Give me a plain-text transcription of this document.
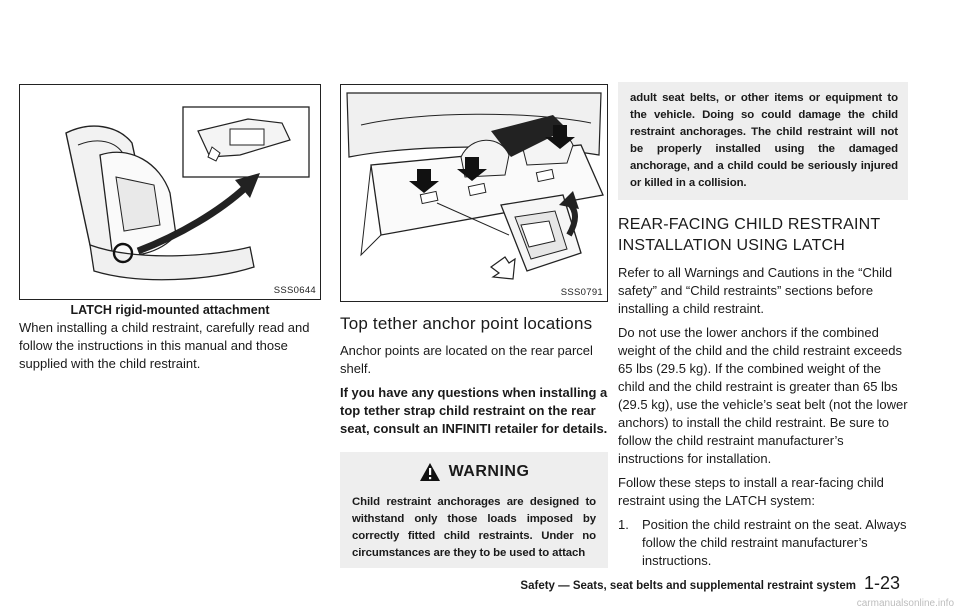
SSS0644
LATCH rigid-mounted attachment

When installing a child restraint, carefully read and follow the instructions in this manual and those supplied with the child restraint.

SSS0791
Top tether anchor point locations

Anchor points are located on the rear parcel shelf.

If you have any questions when installing a top tether strap child restraint on the rear seat, consult an INFINITI retailer for details.

WARNING

Child restraint anchorages are designed to withstand only those loads imposed by correctly fitted child restraints. Under no circumstances are they to be used to attach

adult seat belts, or other items or equipment to the vehicle. Doing so could damage the child restraint anchorages. The child restraint will not be properly installed using the damaged anchorage, and a child could be seriously injured or killed in a collision.

REAR-FACING CHILD RESTRAINT INSTALLATION USING LATCH

Refer to all Warnings and Cautions in the “Child safety” and “Child restraints” sections before installing a child restraint.

Do not use the lower anchors if the combined weight of the child and the child restraint exceeds 65 lbs (29.5 kg). If the combined weight of the child and the child restraint is greater than 65 lbs (29.5 kg), use the vehicle’s seat belt (not the lower anchors) to install the child restraint. Be sure to follow the child restraint manufacturer’s instructions for installation.

Follow these steps to install a rear-facing child restraint using the LATCH system:

1.	Position the child restraint on the seat. Always follow the child restraint manufacturer’s instructions.
Safety — Seats, seat belts and supplemental restraint system 1-23
carmanualsonline.info
